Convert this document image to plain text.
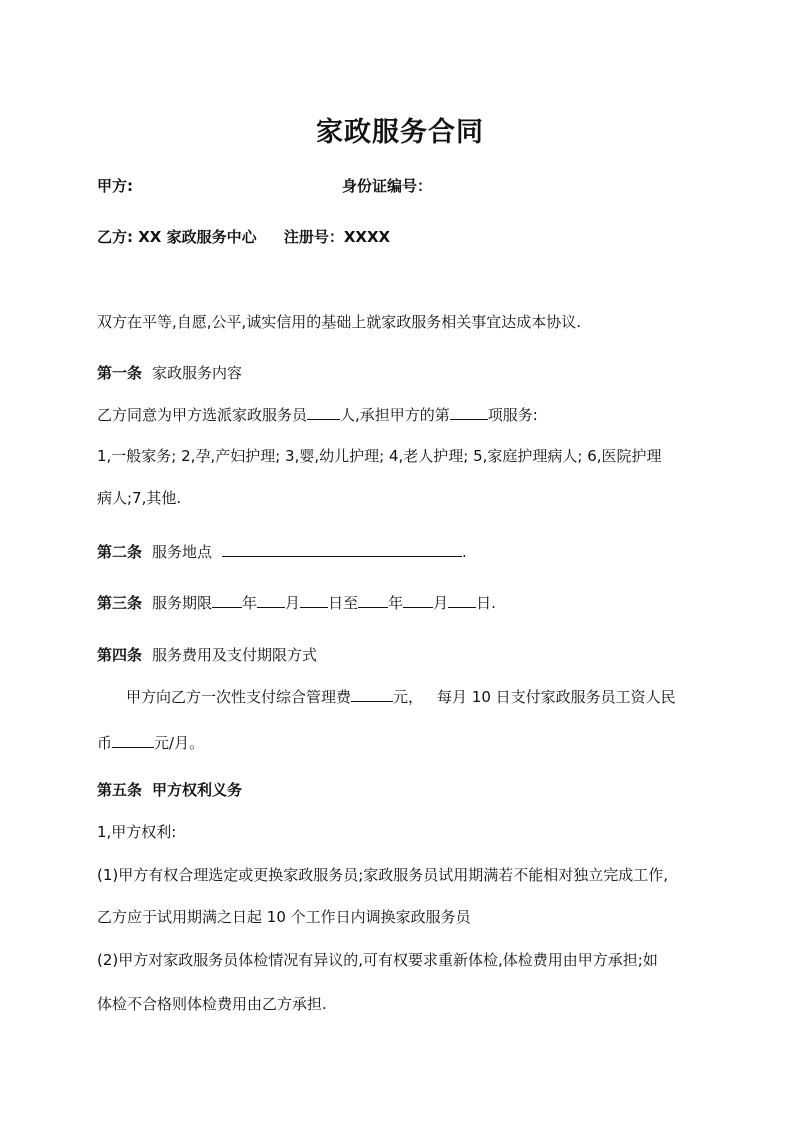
家政服务合同
甲方:	身份证编号：
乙方: XX 家政服务中心 注册号：XXXX
双方在平等,自愿,公平,诚实信用的基础上就家政服务相关事宜达成本协议.
第一条 家政服务内容
乙方同意为甲方选派家政服务员 人,承担甲方的第	项服务:
1,一般家务; 2,孕,产妇护理; 3,婴,幼儿护理; 4,老人护理; 5,家庭护理病人; 6,医院护理
病人;7,其他.
第二条 服务地点	.
第三条 服务期限 年 月 日至 年 月 日.
第四条 服务费用及支付期限方式
甲方向乙方一次性支付综合管理费	元， 每月 10 日支付家政服务员工资人民
币	元/月。
第五条 甲方权利义务
1,甲方权利:
(1)甲方有权合理选定或更换家政服务员;家政服务员试用期满若不能相对独立完成工作,
乙方应于试用期满之日起 10 个工作日内调换家政服务员
(2)甲方对家政服务员体检情况有异议的,可有权要求重新体检,体检费用由甲方承担;如
体检不合格则体检费用由乙方承担.
